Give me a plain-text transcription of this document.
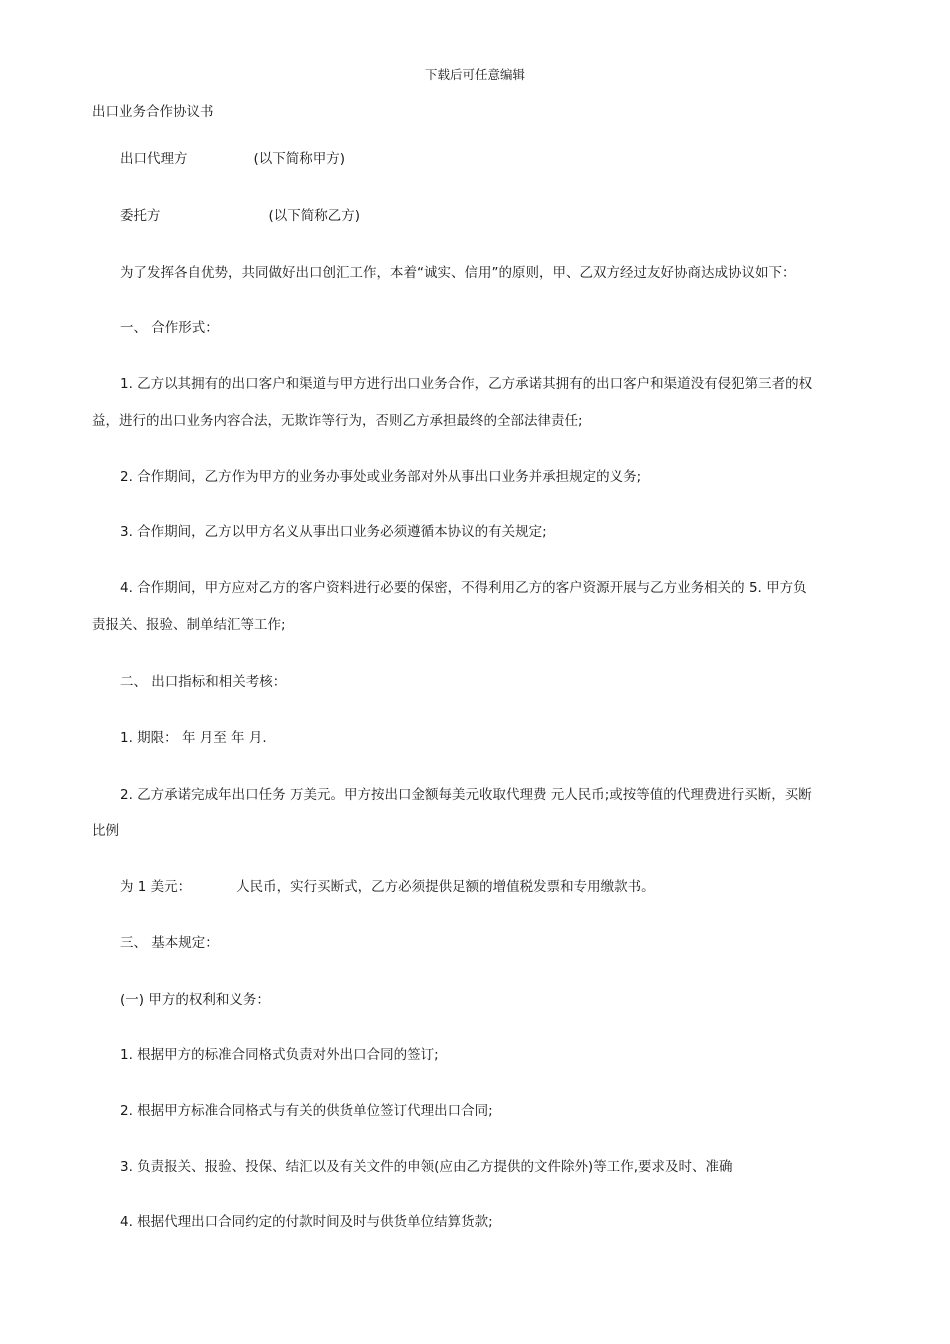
下载后可任意编辑
出口业务合作协议书
出口代理方	(以下简称甲方)
委托方	(以下简称乙方)
为了发挥各自优势，共同做好出口创汇工作，本着“诚实、信用”的原则，甲、乙双方经过友好协商达成协议如下：
一、 合作形式：
1. 乙方以其拥有的出口客户和渠道与甲方进行出口业务合作，乙方承诺其拥有的出口客户和渠道没有侵犯第三者的权
益，进行的出口业务内容合法，无欺诈等行为，否则乙方承担最终的全部法律责任;
2. 合作期间，乙方作为甲方的业务办事处或业务部对外从事出口业务并承担规定的义务;
3. 合作期间，乙方以甲方名义从事出口业务必须遵循本协议的有关规定;
4. 合作期间，甲方应对乙方的客户资料进行必要的保密，不得利用乙方的客户资源开展与乙方业务相关的 5. 甲方负
责报关、报验、制单结汇等工作;
二、 出口指标和相关考核：
1. 期限： 年 月至 年 月.
2. 乙方承诺完成年出口任务 万美元。甲方按出口金额每美元收取代理费 元人民币;或按等值的代理费进行买断，买断
比例
为 1 美元：	人民币，实行买断式，乙方必须提供足额的增值税发票和专用缴款书。
三、 基本规定：
(一) 甲方的权利和义务：
1. 根据甲方的标准合同格式负责对外出口合同的签订;
2. 根据甲方标准合同格式与有关的供货单位签订代理出口合同;
3. 负责报关、报验、投保、结汇以及有关文件的申领(应由乙方提供的文件除外)等工作,要求及时、准确
4. 根据代理出口合同约定的付款时间及时与供货单位结算货款;
